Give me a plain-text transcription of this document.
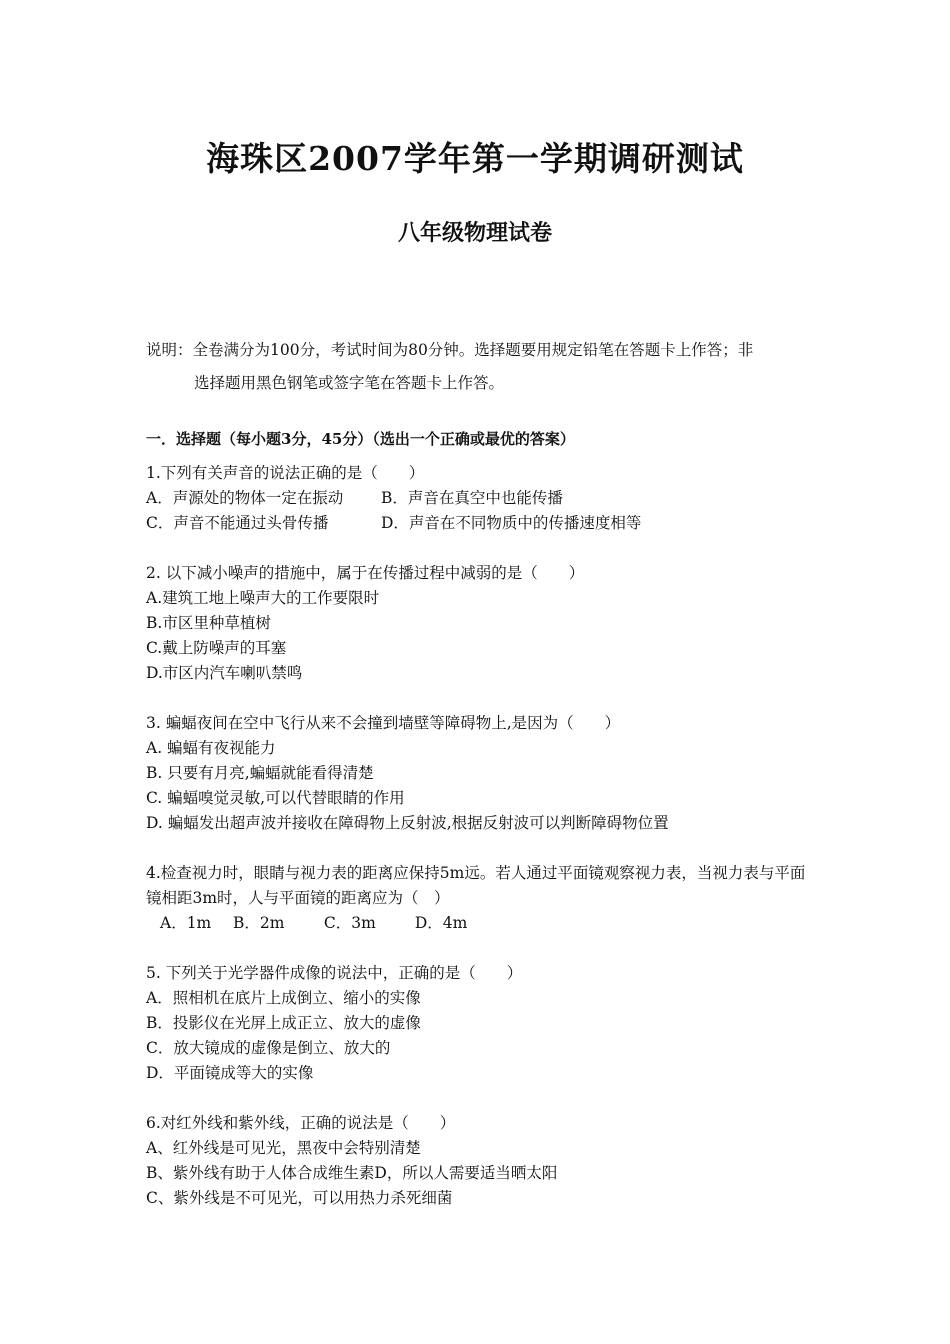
海珠区2007学年第一学期调研测试
八年级物理试卷
说明：全卷满分为100分，考试时间为80分钟。选择题要用规定铅笔在答题卡上作答；非
选择题用黑色钢笔或签字笔在答题卡上作答。
一．选择题（每小题3分，45分）（选出一个正确或最优的答案）
1.下列有关声音的说法正确的是（　　）
A．声源处的物体一定在振动	B．声音在真空中也能传播
C．声音不能通过头骨传播	D．声音在不同物质中的传播速度相等
2. 以下减小噪声的措施中，属于在传播过程中减弱的是（　　）
A.建筑工地上噪声大的工作要限时
B.市区里种草植树
C.戴上防噪声的耳塞
D.市区内汽车喇叭禁鸣
3. 蝙蝠夜间在空中飞行从来不会撞到墙壁等障碍物上,是因为（　　）
A. 蝙蝠有夜视能力
B. 只要有月亮,蝙蝠就能看得清楚
C. 蝙蝠嗅觉灵敏,可以代替眼睛的作用
D. 蝙蝠发出超声波并接收在障碍物上反射波,根据反射波可以判断障碍物位置
4.检查视力时，眼睛与视力表的距离应保持5m远。若人通过平面镜观察视力表，当视力表与平面镜相距3m时，人与平面镜的距离应为（　）
A．1m B．2m	C．3m	D．4m
5. 下列关于光学器件成像的说法中，正确的是（　　）
A．照相机在底片上成倒立、缩小的实像
B．投影仪在光屏上成正立、放大的虚像
C．放大镜成的虚像是倒立、放大的
D．平面镜成等大的实像
6.对红外线和紫外线，正确的说法是（　　）
A、红外线是可见光，黑夜中会特别清楚
B、紫外线有助于人体合成维生素D，所以人需要适当晒太阳
C、紫外线是不可见光，可以用热力杀死细菌
